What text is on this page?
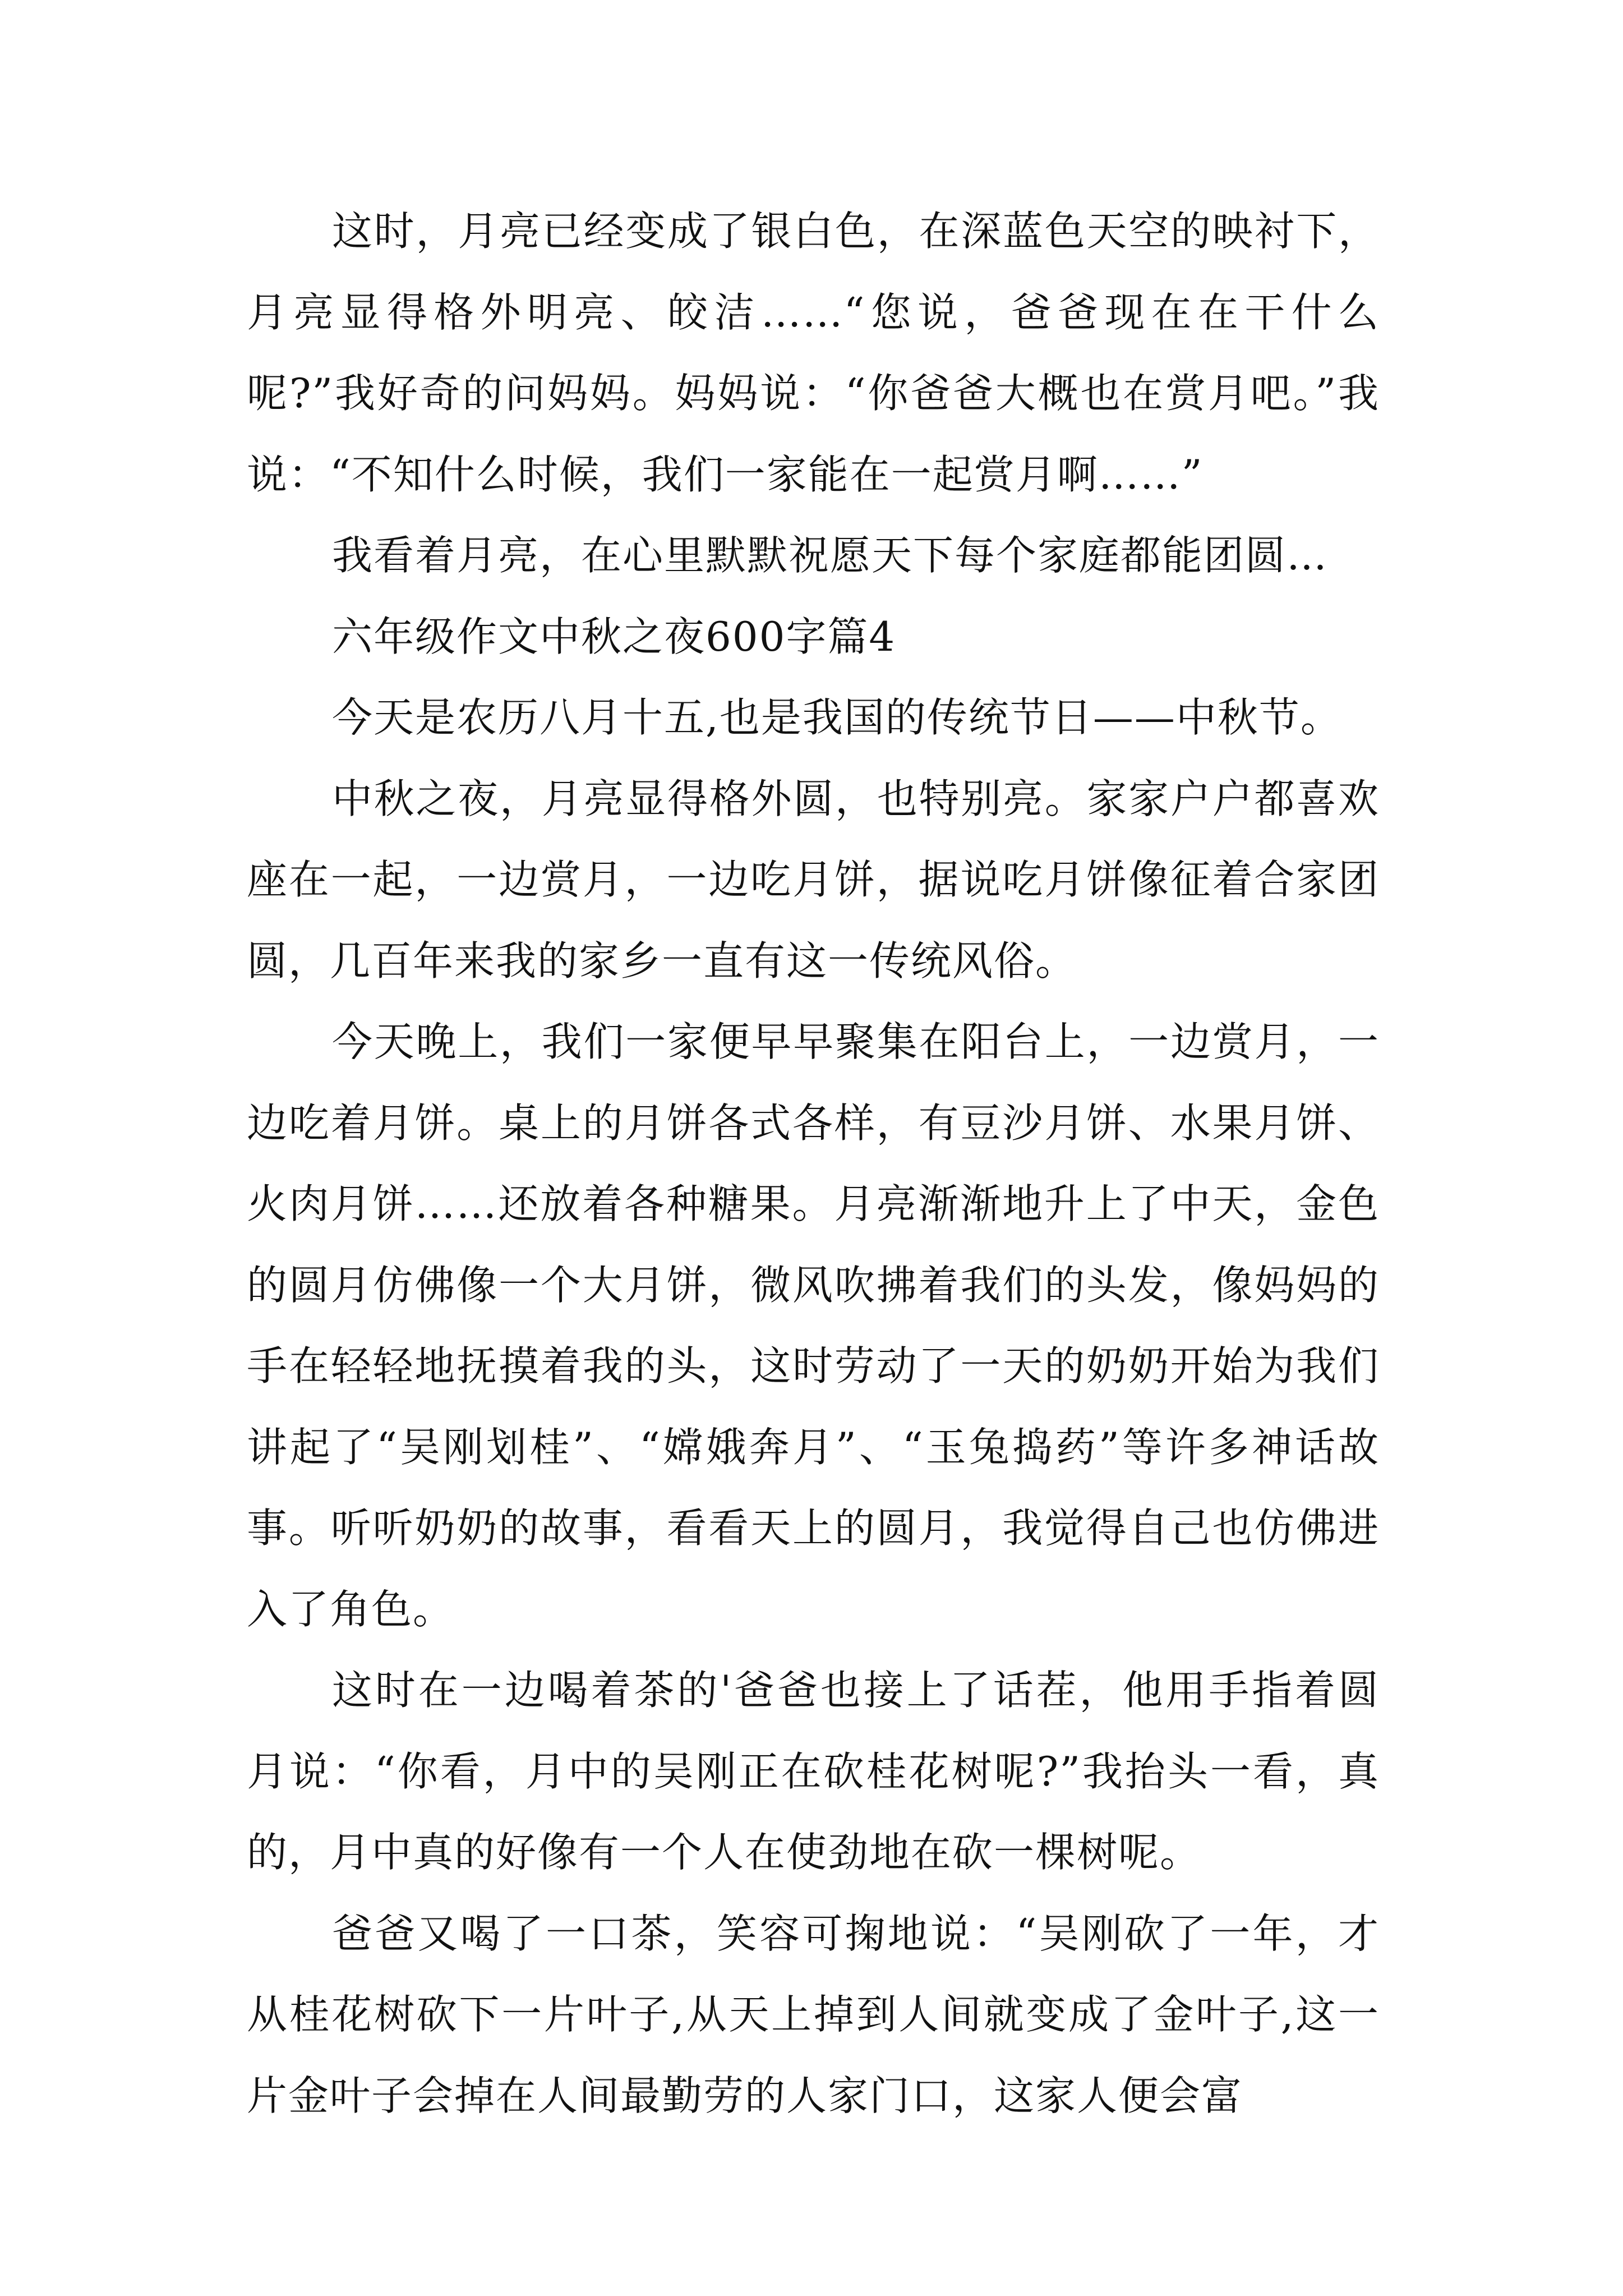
这时，月亮已经变成了银白色，在深蓝色天空的映衬下，月亮显得格外明亮、皎洁……“您说，爸爸现在在干什么呢?”我好奇的问妈妈。妈妈说：“你爸爸大概也在赏月吧。”我说：“不知什么时候，我们一家能在一起赏月啊……”

我看着月亮，在心里默默祝愿天下每个家庭都能团圆…

六年级作文中秋之夜600字篇4

今天是农历八月十五,也是我国的传统节日——中秋节。

中秋之夜，月亮显得格外圆，也特别亮。家家户户都喜欢座在一起，一边赏月，一边吃月饼，据说吃月饼像征着合家团圆，几百年来我的家乡一直有这一传统风俗。

今天晚上，我们一家便早早聚集在阳台上，一边赏月，一边吃着月饼。桌上的月饼各式各样，有豆沙月饼、水果月饼、火肉月饼……还放着各种糖果。月亮渐渐地升上了中天，金色的圆月仿佛像一个大月饼，微风吹拂着我们的头发，像妈妈的手在轻轻地抚摸着我的头，这时劳动了一天的奶奶开始为我们讲起了“吴刚划桂”、“嫦娥奔月”、“玉兔捣药”等许多神话故事。听听奶奶的故事，看看天上的圆月，我觉得自己也仿佛进入了角色。

这时在一边喝着茶的'爸爸也接上了话茬，他用手指着圆月说：“你看，月中的吴刚正在砍桂花树呢?”我抬头一看，真的，月中真的好像有一个人在使劲地在砍一棵树呢。

爸爸又喝了一口茶，笑容可掬地说：“吴刚砍了一年，才从桂花树砍下一片叶子,从天上掉到人间就变成了金叶子,这一片金叶子会掉在人间最勤劳的人家门口，这家人便会富
